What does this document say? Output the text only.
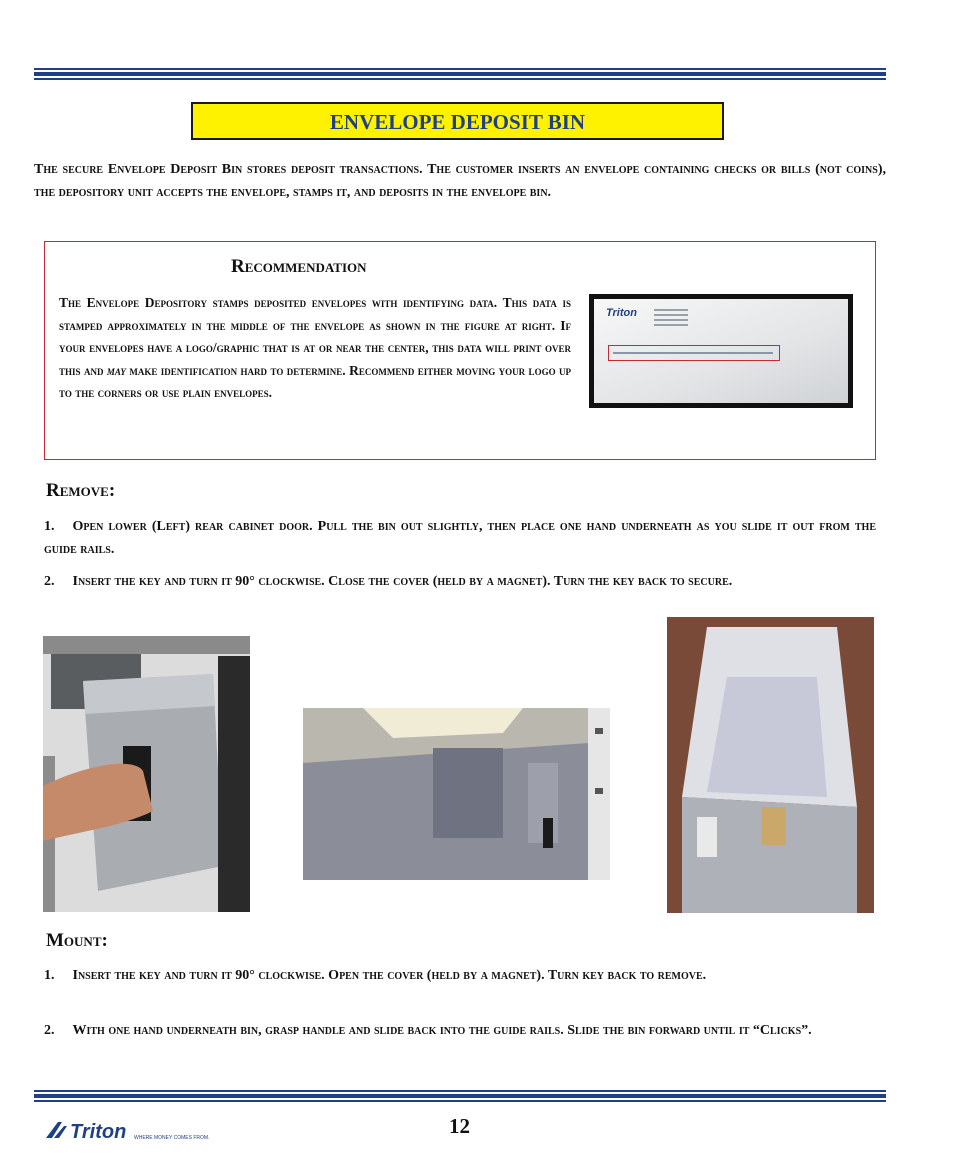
ENVELOPE DEPOSIT BIN
The secure Envelope Deposit Bin stores deposit transactions. The customer inserts an envelope containing checks or bills (not coins), the depository unit accepts the envelope, stamps it, and deposits in the envelope bin.
Recommendation
The Envelope Depository stamps deposited envelopes with identifying data. This data is stamped approximately in the middle of the envelope as shown in the figure at right. If your envelopes have a logo/graphic that is at or near the center, this data will print over this and may make identification hard to determine. Recommend either moving your logo up to the corners or use plain envelopes.
Triton
Remove:
1. Open lower (Left) rear cabinet door. Pull the bin out slightly, then place one hand underneath as you slide it out from the guide rails.
2. Insert the key and turn it 90° clockwise. Close the cover (held by a magnet). Turn the key back to secure.
Mount:
1. Insert the key and turn it 90° clockwise. Open the cover (held by a magnet). Turn key back to remove.
2. With one hand underneath bin, grasp handle and slide back into the guide rails. Slide the bin forward until it “Clicks”.
Triton WHERE MONEY COMES FROM.	12
